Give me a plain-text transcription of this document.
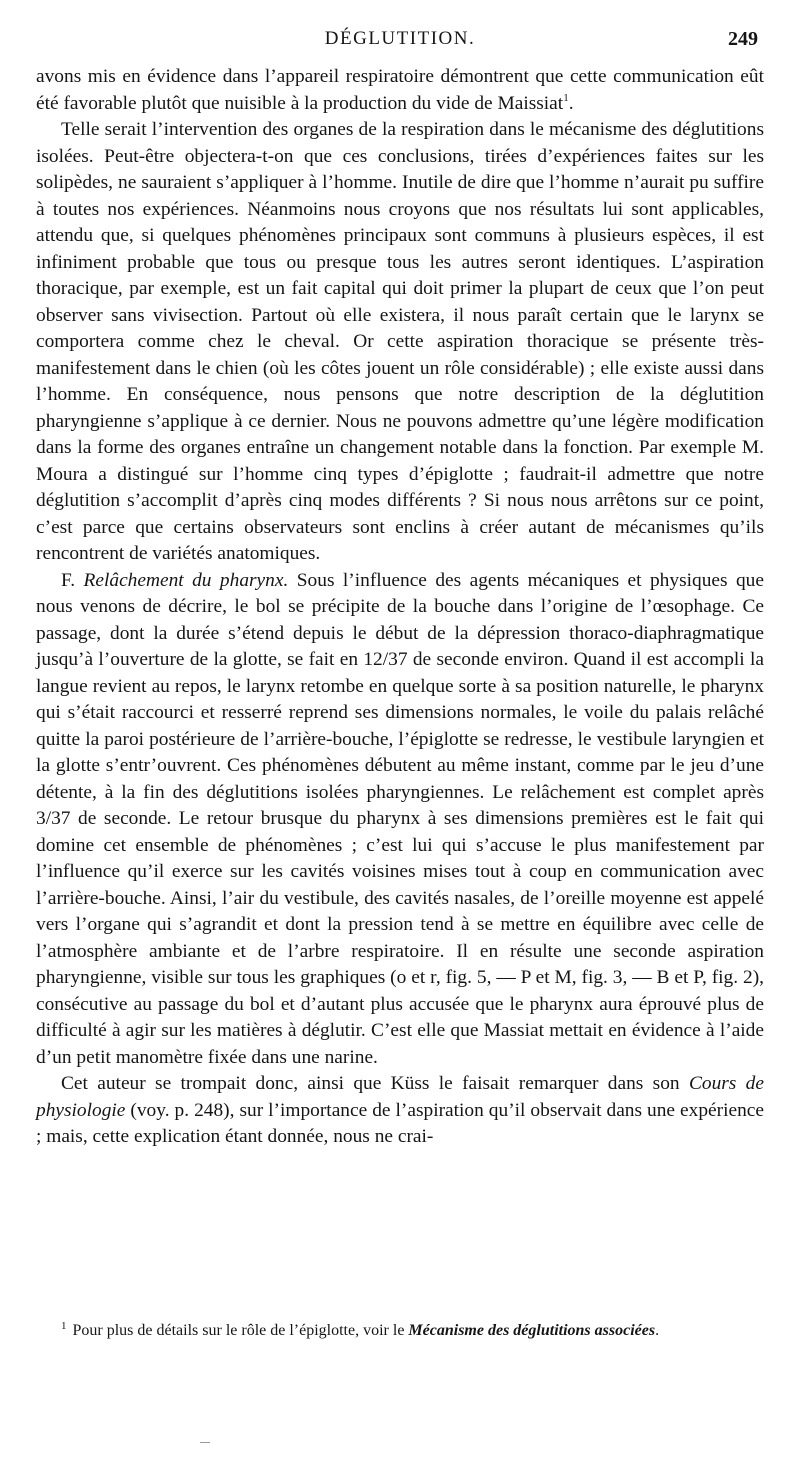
DÉGLUTITION.	249

avons mis en évidence dans l’appareil respiratoire démontrent que cette communication eût été favorable plutôt que nuisible à la production du vide de Maissiat$^1$.

Telle serait l’intervention des organes de la respiration dans le mécanisme des déglutitions isolées. Peut-être objectera-t-on que ces conclusions, tirées d’expériences faites sur les solipèdes, ne sauraient s’appliquer à l’homme. Inutile de dire que l’homme n’aurait pu suffire à toutes nos expériences. Néanmoins nous croyons que nos résultats lui sont applicables, attendu que, si quelques phénomènes principaux sont communs à plusieurs espèces, il est infiniment probable que tous ou presque tous les autres seront identiques. L’aspiration thoracique, par exemple, est un fait capital qui doit primer la plupart de ceux que l’on peut observer sans vivisection. Partout où elle existera, il nous paraît certain que le larynx se comportera comme chez le cheval. Or cette aspiration thoracique se présente très-manifestement dans le chien (où les côtes jouent un rôle considérable) ; elle existe aussi dans l’homme. En conséquence, nous pensons que notre description de la déglutition pharyngienne s’applique à ce dernier. Nous ne pouvons admettre qu’une légère modification dans la forme des organes entraîne un changement notable dans la fonction. Par exemple M. Moura a distingué sur l’homme cinq types d’épiglotte ; faudrait-il admettre que notre déglutition s’accomplit d’après cinq modes différents ? Si nous nous arrêtons sur ce point, c’est parce que certains observateurs sont enclins à créer autant de mécanismes qu’ils rencontrent de variétés anatomiques.

F. Relâchement du pharynx. Sous l’influence des agents mécaniques et physiques que nous venons de décrire, le bol se précipite de la bouche dans l’origine de l’œsophage. Ce passage, dont la durée s’étend depuis le début de la dépression thoraco-diaphragmatique jusqu’à l’ouverture de la glotte, se fait en 12/37 de seconde environ. Quand il est accompli la langue revient au repos, le larynx retombe en quelque sorte à sa position naturelle, le pharynx qui s’était raccourci et resserré reprend ses dimensions normales, le voile du palais relâché quitte la paroi postérieure de l’arrière-bouche, l’épiglotte se redresse, le vestibule laryngien et la glotte s’entr’ouvrent. Ces phénomènes débutent au même instant, comme par le jeu d’une détente, à la fin des déglutitions isolées pharyngiennes. Le relâchement est complet après 3/37 de seconde. Le retour brusque du pharynx à ses dimensions premières est le fait qui domine cet ensemble de phénomènes ; c’est lui qui s’accuse le plus manifestement par l’influence qu’il exerce sur les cavités voisines mises tout à coup en communication avec l’arrière-bouche. Ainsi, l’air du vestibule, des cavités nasales, de l’oreille moyenne est appelé vers l’organe qui s’agrandit et dont la pression tend à se mettre en équilibre avec celle de l’atmosphère ambiante et de l’arbre respiratoire. Il en résulte une seconde aspiration pharyngienne, visible sur tous les graphiques (o et r, fig. 5, — P et M, fig. 3, — B et P, fig. 2), consécutive au passage du bol et d’autant plus accusée que le pharynx aura éprouvé plus de difficulté à agir sur les matières à déglutir. C’est elle que Massiat mettait en évidence à l’aide d’un petit manomètre fixée dans une narine.

Cet auteur se trompait donc, ainsi que Küss le faisait remarquer dans son Cours de physiologie (voy. p. 248), sur l’importance de l’aspiration qu’il observait dans une expérience ; mais, cette explication étant donnée, nous ne crai-

$^1$ Pour plus de détails sur le rôle de l’épiglotte, voir le Mécanisme des déglutitions associées.
